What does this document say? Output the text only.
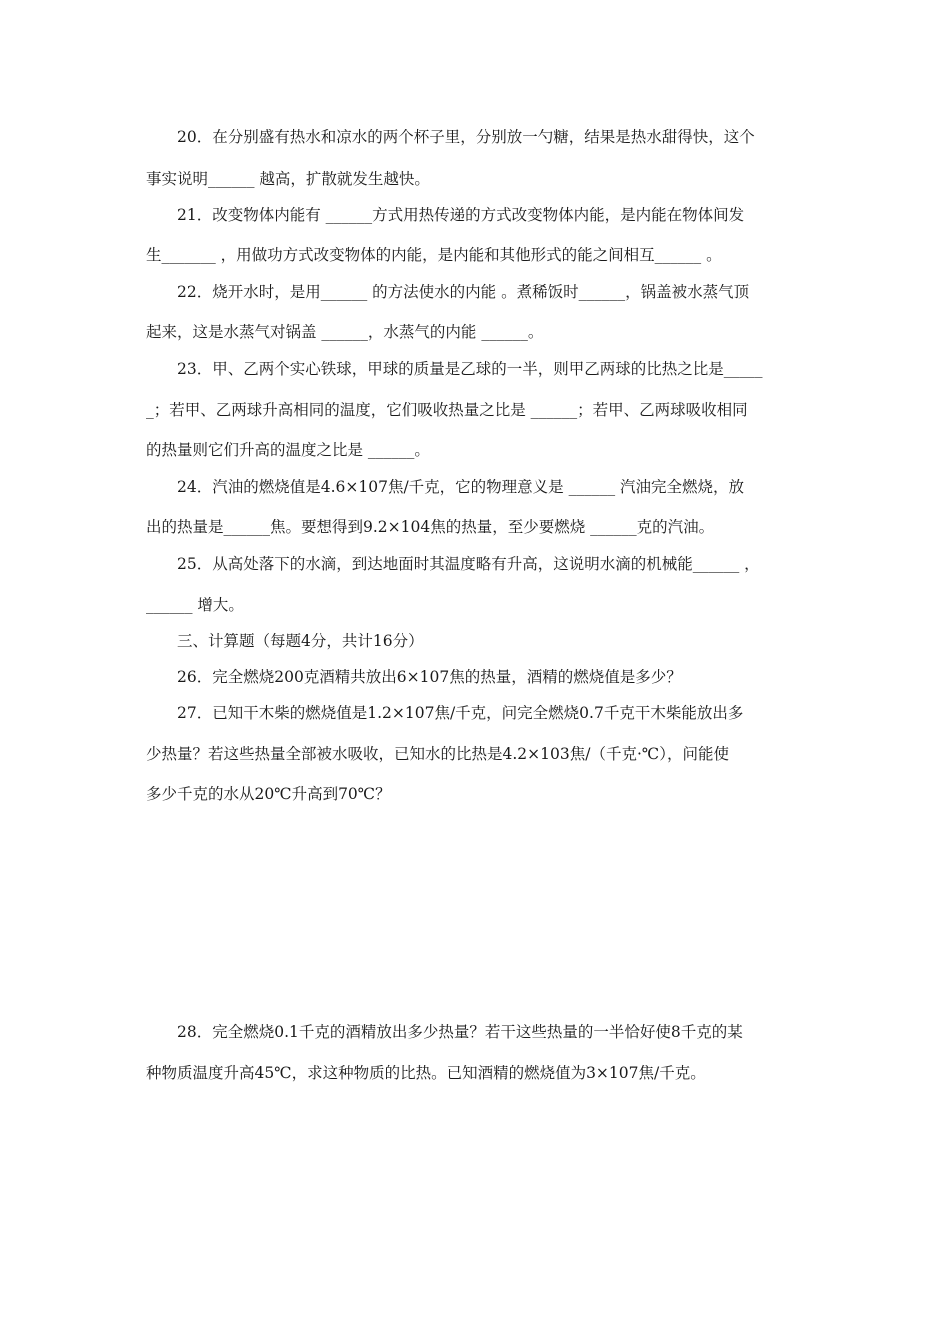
20．在分别盛有热水和凉水的两个杯子里，分别放一勺糖，结果是热水甜得快，这个
事实说明______ 越高，扩散就发生越快。
21．改变物体内能有 ______方式用热传递的方式改变物体内能，是内能在物体间发
生_______ ，用做功方式改变物体的内能，是内能和其他形式的能之间相互______ 。
22．烧开水时，是用______ 的方法使水的内能 。煮稀饭时______，锅盖被水蒸气顶
起来，这是水蒸气对锅盖 ______，水蒸气的内能 ______。
23．甲、乙两个实心铁球，甲球的质量是乙球的一半，则甲乙两球的比热之比是_____
_；若甲、乙两球升高相同的温度，它们吸收热量之比是 ______；若甲、乙两球吸收相同
的热量则它们升高的温度之比是 ______。
24．汽油的燃烧值是4.6×107焦/千克，它的物理意义是 ______ 汽油完全燃烧，放
出的热量是______焦。要想得到9.2×104焦的热量，至少要燃烧 ______克的汽油。
25．从高处落下的水滴，到达地面时其温度略有升高，这说明水滴的机械能______ ，
______ 增大。
三、计算题（每题4分，共计16分）
26．完全燃烧200克酒精共放出6×107焦的热量，酒精的燃烧值是多少？
27．已知干木柴的燃烧值是1.2×107焦/千克，问完全燃烧0.7千克干木柴能放出多
少热量？若这些热量全部被水吸收，已知水的比热是4.2×103焦/（千克·℃），问能使
多少千克的水从20℃升高到70℃？
28．完全燃烧0.1千克的酒精放出多少热量？若干这些热量的一半恰好使8千克的某
种物质温度升高45℃，求这种物质的比热。已知酒精的燃烧值为3×107焦/千克。
